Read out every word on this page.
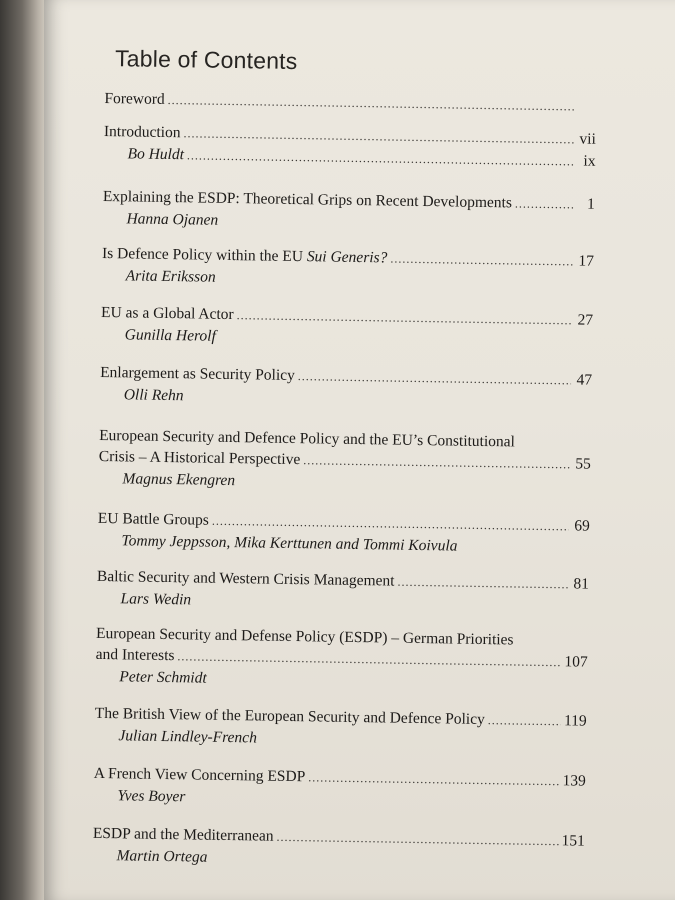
Table of Contents
Foreword
.....
Introduction .....	vii
Bo Huldt .....	ix
Explaining the ESDP: Theoretical Grips on Recent Developments .....	1
Hanna Ojanen
Is Defence Policy within the EU Sui Generis? .....	17
Arita Eriksson
EU as a Global Actor .....	27
Gunilla Herolf
Enlargement as Security Policy .....	47
Olli Rehn
European Security and Defence Policy and the EU’s Constitutional
Crisis – A Historical Perspective .....	55
Magnus Ekengren
EU Battle Groups .....	69
Tommy Jeppsson, Mika Kerttunen and Tommi Koivula
Baltic Security and Western Crisis Management .....	81
Lars Wedin
European Security and Defense Policy (ESDP) – German Priorities
and Interests .....	107
Peter Schmidt
The British View of the European Security and Defence Policy .....	119
Julian Lindley-French
A French View Concerning ESDP .....	139
Yves Boyer
ESDP and the Mediterranean .....	151
Martin Ortega
